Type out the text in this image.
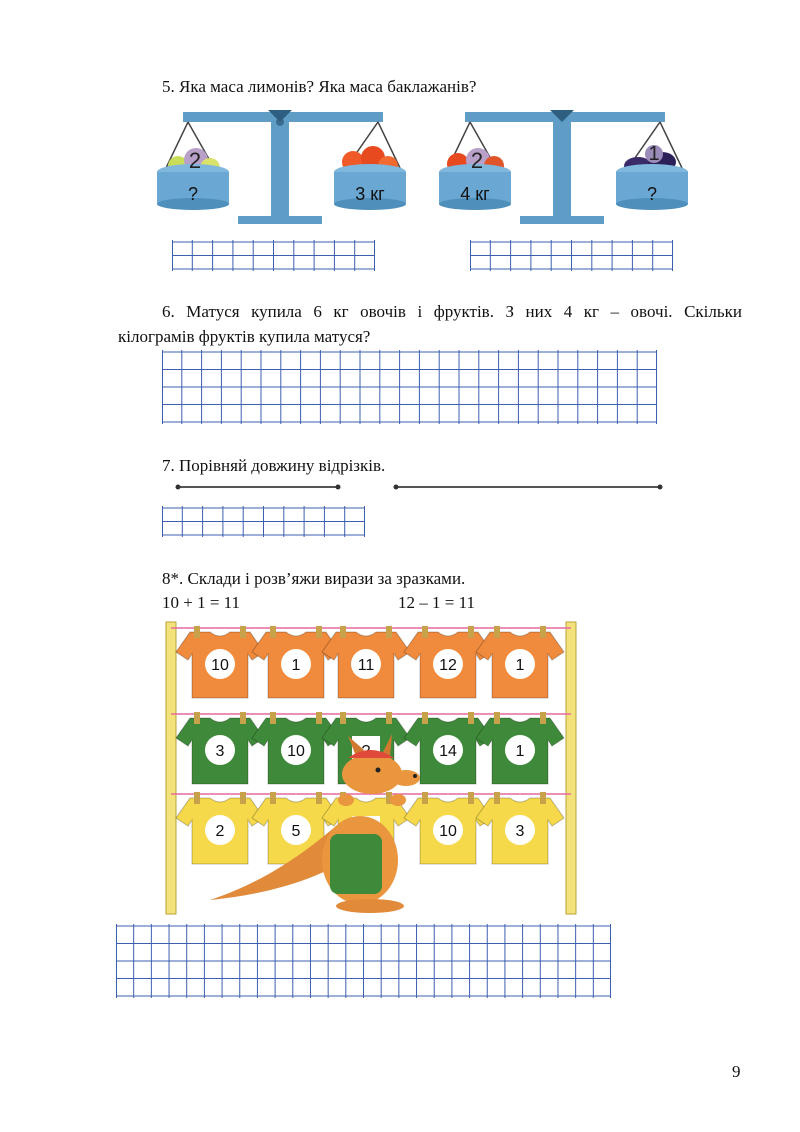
5. Яка маса лимонів? Яка маса баклажанів?
2
?	3 кг
2
4 кг
1
?
6. Матуся купила 6 кг овочів і фруктів. З них 4 кг – овочі. Скільки
кілограмів фруктів купила матуся?
7. Порівняй довжину відрізків.
8*. Склади і розв’яжи вирази за зразками.
10 + 1 = 11	12 – 1 = 11
10	1	11	12	1
3	10	14	1
2	5	10	3
9
